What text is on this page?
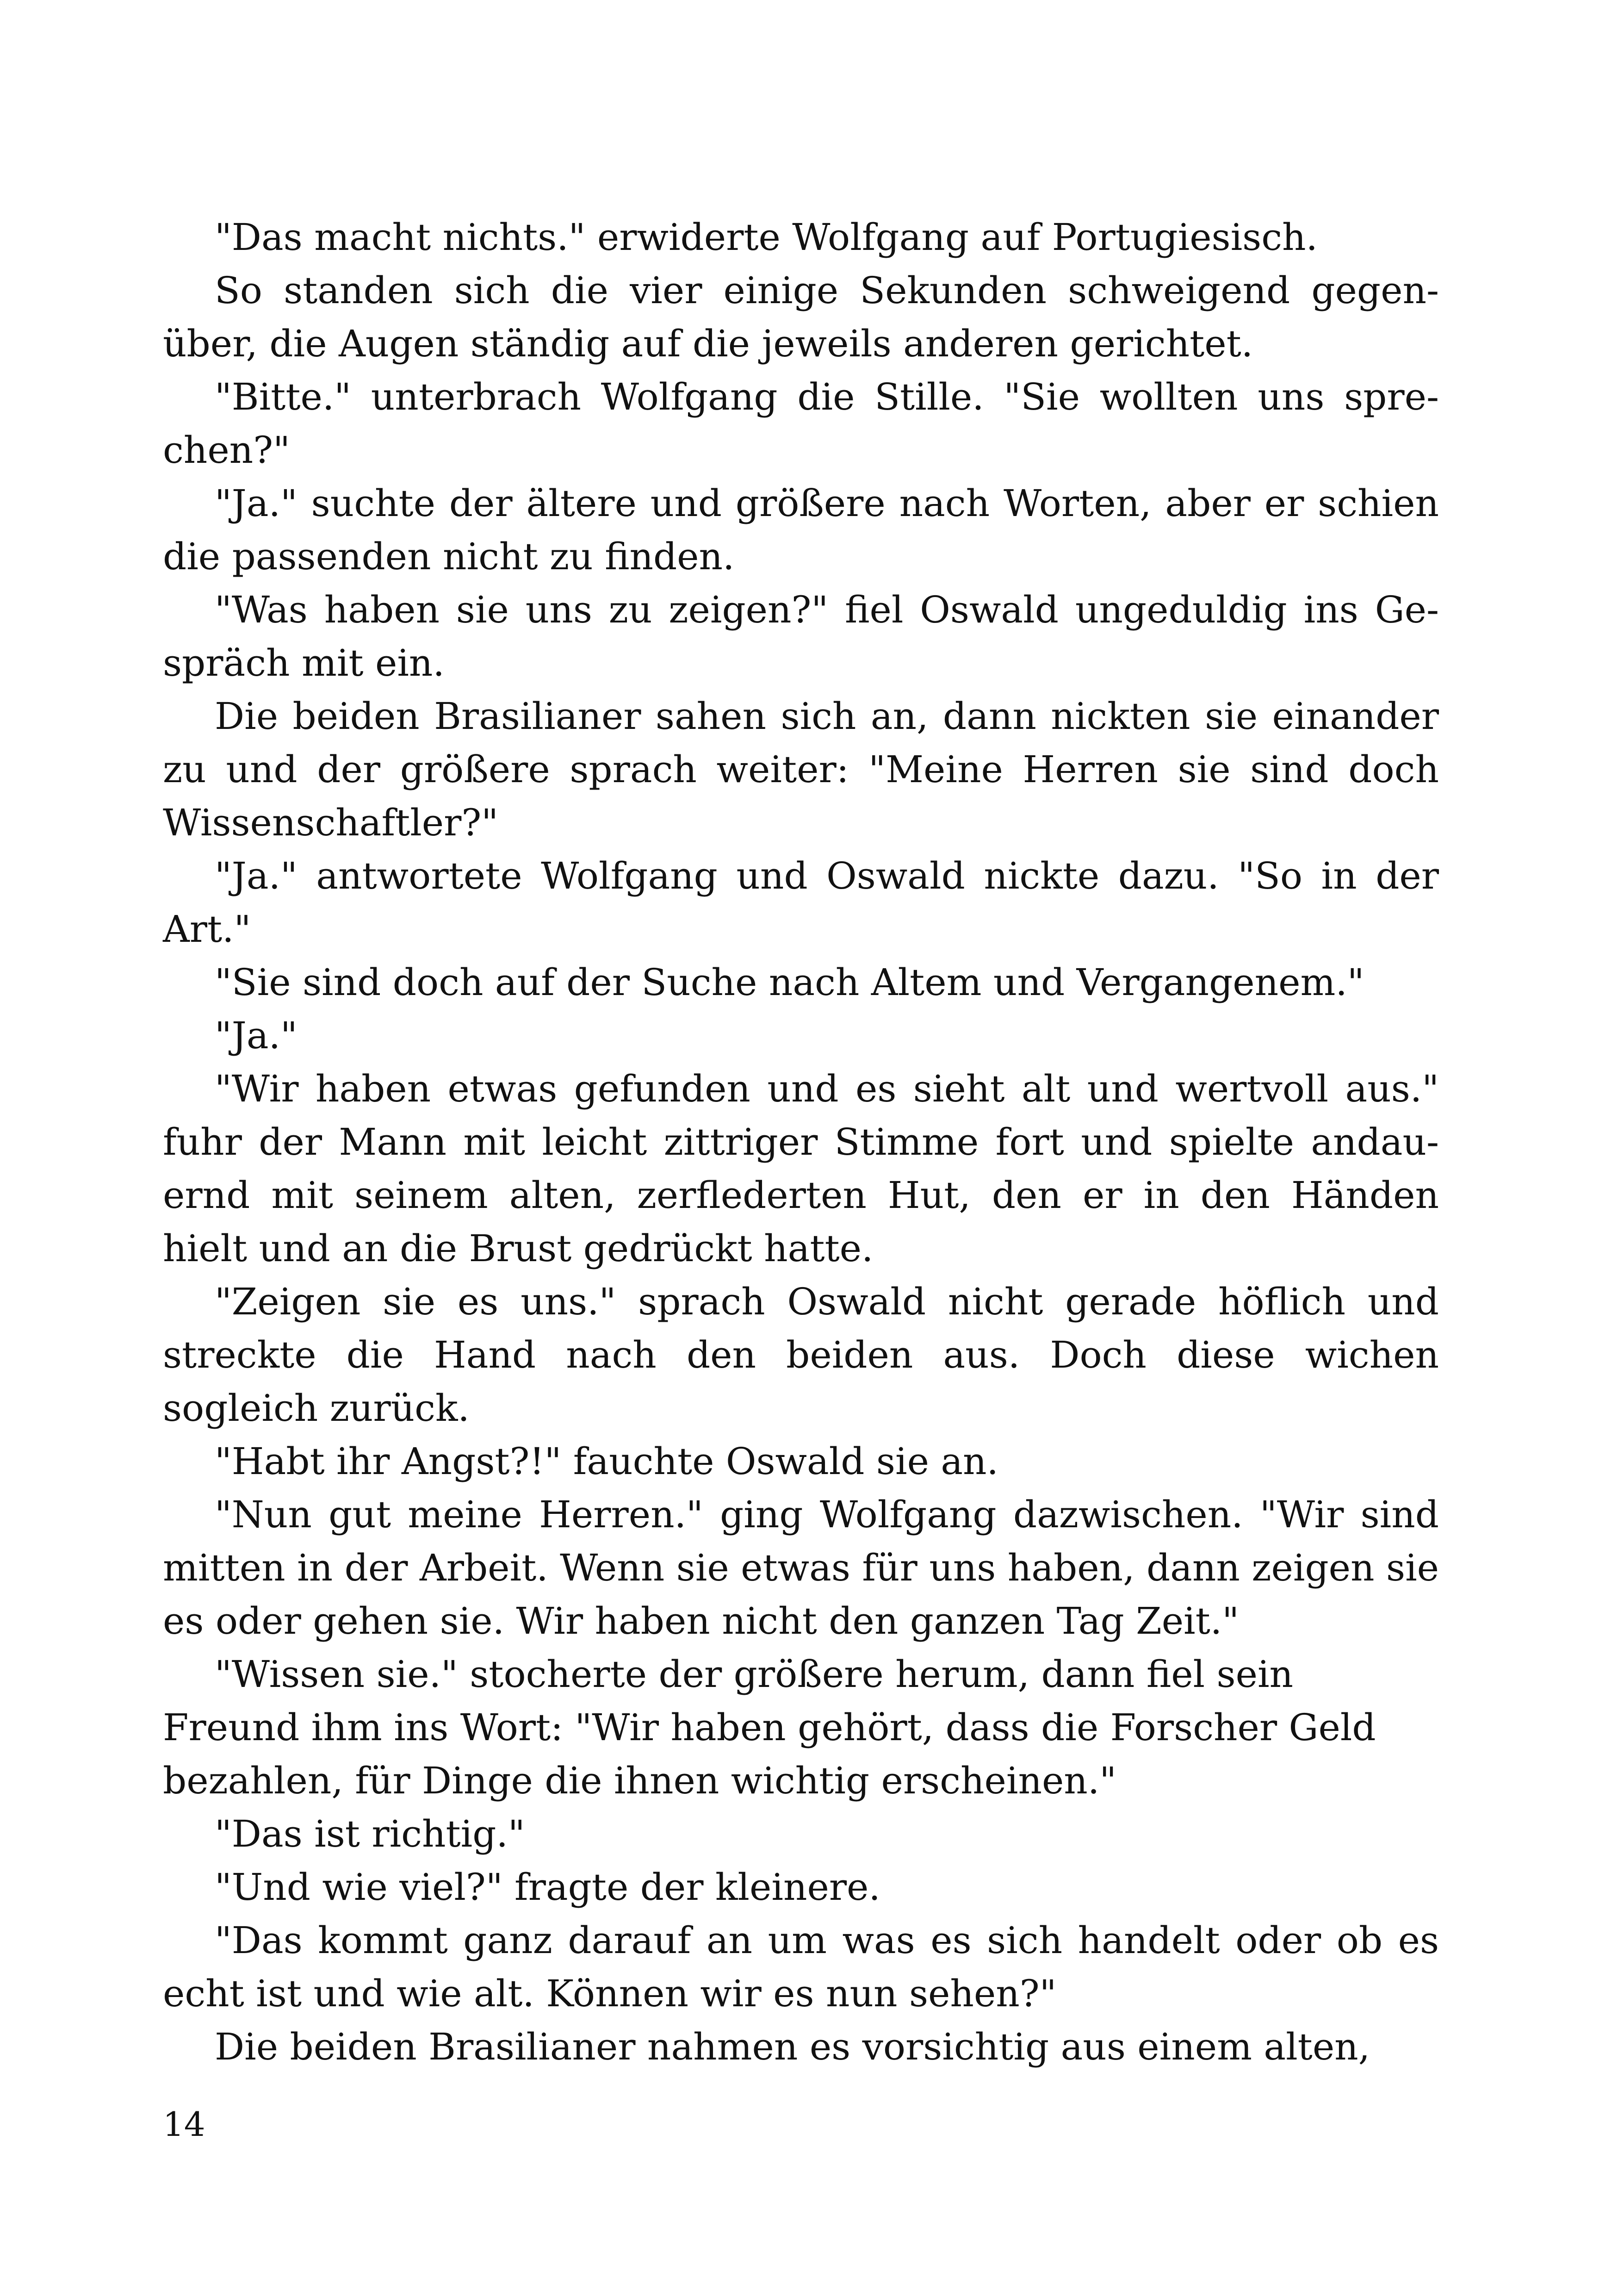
"Das macht nichts." erwiderte Wolfgang auf Portugiesisch.

So standen sich die vier einige Sekunden schweigend gegenüber, die Augen ständig auf die jeweils anderen gerichtet.

"Bitte." unterbrach Wolfgang die Stille. "Sie wollten uns sprechen?"

"Ja." suchte der ältere und größere nach Worten, aber er schien die passenden nicht zu finden.

"Was haben sie uns zu zeigen?" fiel Oswald ungeduldig ins Gespräch mit ein.

Die beiden Brasilianer sahen sich an, dann nickten sie einander zu und der größere sprach weiter: "Meine Herren sie sind doch Wissenschaftler?"

"Ja." antwortete Wolfgang und Oswald nickte dazu. "So in der Art."

"Sie sind doch auf der Suche nach Altem und Vergangenem."

"Ja."

"Wir haben etwas gefunden und es sieht alt und wertvoll aus." fuhr der Mann mit leicht zittriger Stimme fort und spielte andauernd mit seinem alten, zerflederten Hut, den er in den Händen hielt und an die Brust gedrückt hatte.

"Zeigen sie es uns." sprach Oswald nicht gerade höflich und streckte die Hand nach den beiden aus. Doch diese wichen sogleich zurück.

"Habt ihr Angst?!" fauchte Oswald sie an.

"Nun gut meine Herren." ging Wolfgang dazwischen. "Wir sind mitten in der Arbeit. Wenn sie etwas für uns haben, dann zeigen sie es oder gehen sie. Wir haben nicht den ganzen Tag Zeit."

"Wissen sie." stocherte der größere herum, dann fiel sein Freund ihm ins Wort: "Wir haben gehört, dass die Forscher Geld bezahlen, für Dinge die ihnen wichtig erscheinen."

"Das ist richtig."

"Und wie viel?" fragte der kleinere.

"Das kommt ganz darauf an um was es sich handelt oder ob es echt ist und wie alt. Können wir es nun sehen?"

Die beiden Brasilianer nahmen es vorsichtig aus einem alten,

14
